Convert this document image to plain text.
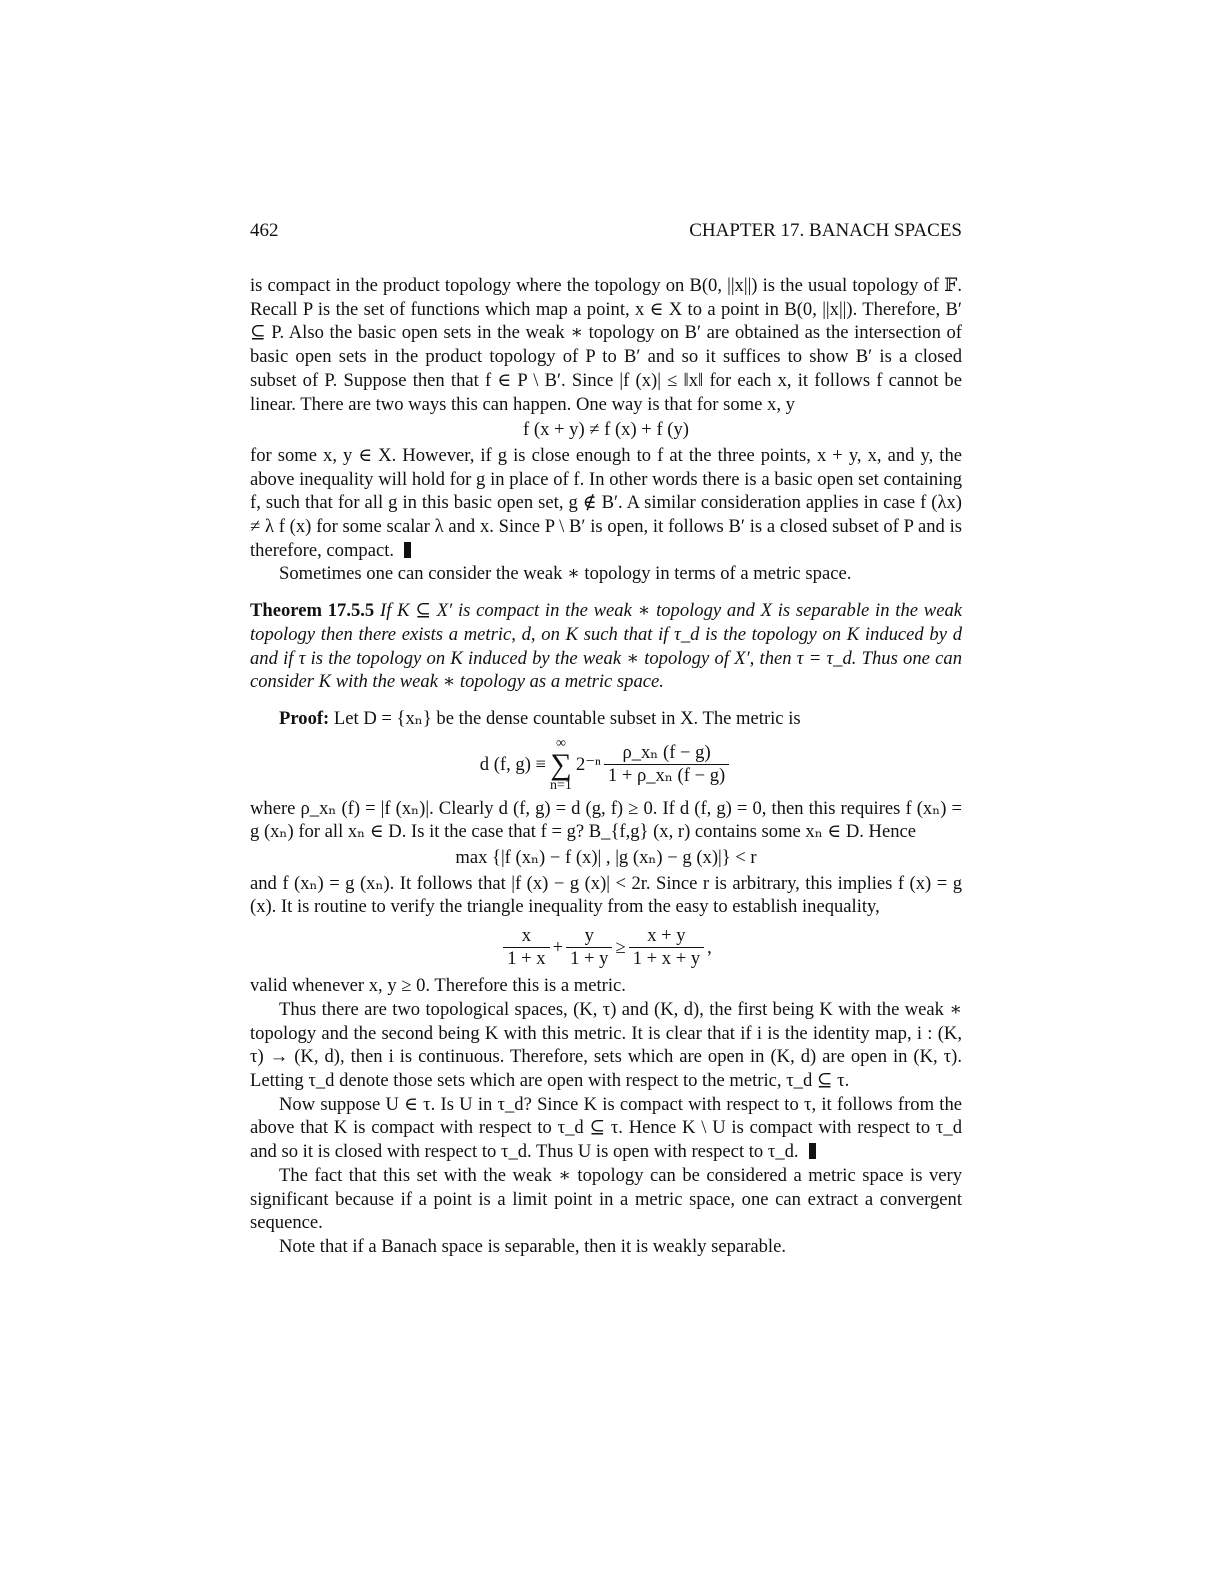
462	CHAPTER 17. BANACH SPACES

is compact in the product topology where the topology on B(0, ||x||) is the usual topology of 𝔽. Recall P is the set of functions which map a point, x ∈ X to a point in B(0, ||x||). Therefore, B′ ⊆ P. Also the basic open sets in the weak ∗ topology on B′ are obtained as the intersection of basic open sets in the product topology of P to B′ and so it suffices to show B′ is a closed subset of P. Suppose then that f ∈ P \ B′. Since |f (x)| ≤ ‖x‖ for each x, it follows f cannot be linear. There are two ways this can happen. One way is that for some x, y

f (x + y) ≠ f (x) + f (y)

for some x, y ∈ X. However, if g is close enough to f at the three points, x + y, x, and y, the above inequality will hold for g in place of f. In other words there is a basic open set containing f, such that for all g in this basic open set, g ∉ B′. A similar consideration applies in case f (λx) ≠ λ f (x) for some scalar λ and x. Since P \ B′ is open, it follows B′ is a closed subset of P and is therefore, compact.

Sometimes one can consider the weak ∗ topology in terms of a metric space.

Theorem 17.5.5 If K ⊆ X′ is compact in the weak ∗ topology and X is separable in the weak topology then there exists a metric, d, on K such that if τ_d is the topology on K induced by d and if τ is the topology on K induced by the weak ∗ topology of X′, then τ = τ_d. Thus one can consider K with the weak ∗ topology as a metric space.

Proof: Let D = {xₙ} be the dense countable subset in X. The metric is

d (f, g) ≡
∞
∑
n=1
$2^{-n} \frac{\text{ρ\_xₙ (f − g)}}{\text{1 + ρ\_xₙ (f − g)}}$

where ρ_xₙ (f) = |f (xₙ)|. Clearly d (f, g) = d (g, f) ≥ 0. If d (f, g) = 0, then this requires f (xₙ) = g (xₙ) for all xₙ ∈ D. Is it the case that f = g? B_{f,g} (x, r) contains some xₙ ∈ D. Hence

max {|f (xₙ) − f (x)| , |g (xₙ) − g (x)|} < r

and f (xₙ) = g (xₙ). It follows that |f (x) − g (x)| < 2r. Since r is arbitrary, this implies f (x) = g (x). It is routine to verify the triangle inequality from the easy to establish inequality,

$\frac{x}{1 + x} + \frac{y}{1 + y} \ge \frac{x + y}{1 + x + y}$ ,

valid whenever x, y ≥ 0. Therefore this is a metric.

Thus there are two topological spaces, (K, τ) and (K, d), the first being K with the weak ∗ topology and the second being K with this metric. It is clear that if i is the identity map, i : (K, τ) → (K, d), then i is continuous. Therefore, sets which are open in (K, d) are open in (K, τ). Letting τ_d denote those sets which are open with respect to the metric, τ_d ⊆ τ.

Now suppose U ∈ τ. Is U in τ_d? Since K is compact with respect to τ, it follows from the above that K is compact with respect to τ_d ⊆ τ. Hence K \ U is compact with respect to τ_d and so it is closed with respect to τ_d. Thus U is open with respect to τ_d.

The fact that this set with the weak ∗ topology can be considered a metric space is very significant because if a point is a limit point in a metric space, one can extract a convergent sequence.

Note that if a Banach space is separable, then it is weakly separable.
